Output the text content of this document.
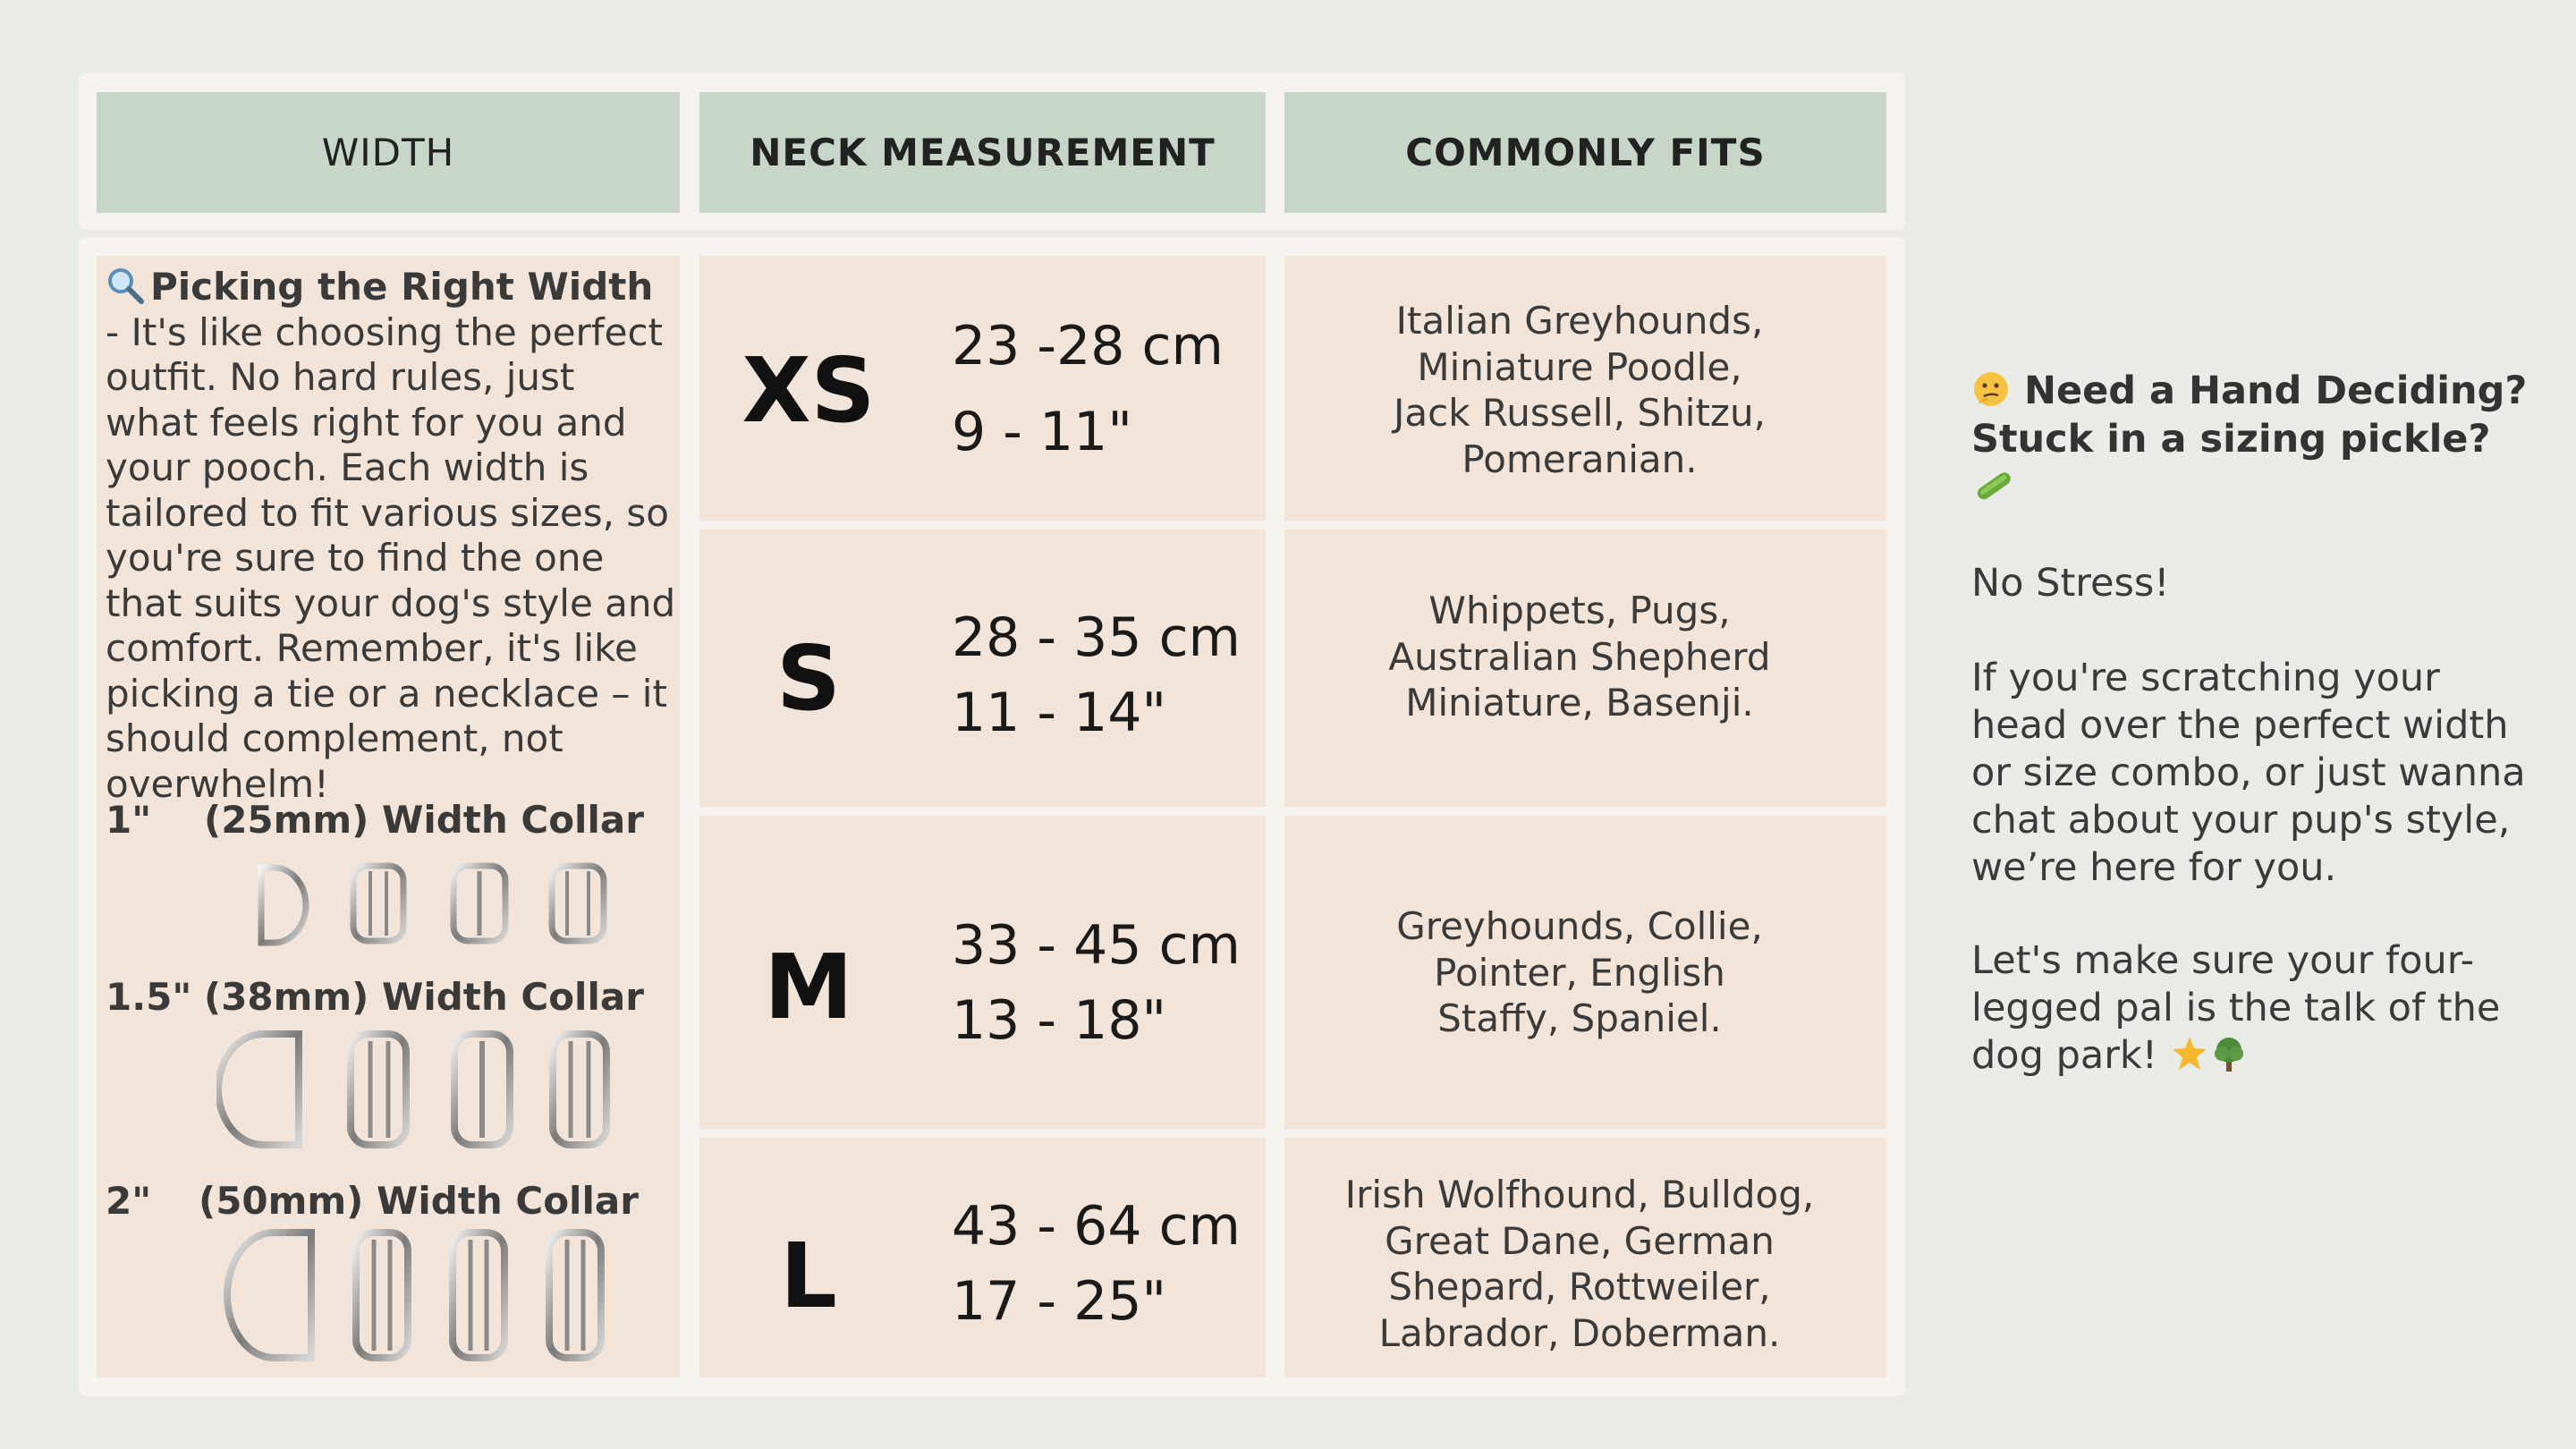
WIDTH	NECK MEASUREMENT	COMMONLY FITS
Picking the Right Width - It's like choosing the perfect outfit. No hard rules, just what feels right for you and your pooch. Each width is tailored to fit various sizes, so you're sure to find the one that suits your dog's style and comfort. Remember, it's like picking a tie or a necklace – it should complement, not overwhelm!
1" (25mm) Width Collar
1.5" (38mm) Width Collar
2" (50mm) Width Collar
XS
S
M
L
23 -28 cm
9 - 11"
28 - 35 cm
11 - 14"
33 - 45 cm
13 - 18"
43 - 64 cm
17 - 25"
Italian Greyhounds,
Miniature Poodle,
Jack Russell, Shitzu,
Pomeranian.
Whippets, Pugs,
Australian Shepherd
Miniature, Basenji.
Greyhounds, Collie,
Pointer, English
Staffy, Spaniel.
Irish Wolfhound, Bulldog,
Great Dane, German
Shepard, Rottweiler,
Labrador, Doberman.
Need a Hand Deciding?
Stuck in a sizing pickle?
No Stress!
If you're scratching your head over the perfect width or size combo, or just wanna chat about your pup's style, we’re here for you.
Let's make sure your four-legged pal is the talk of the dog park!
